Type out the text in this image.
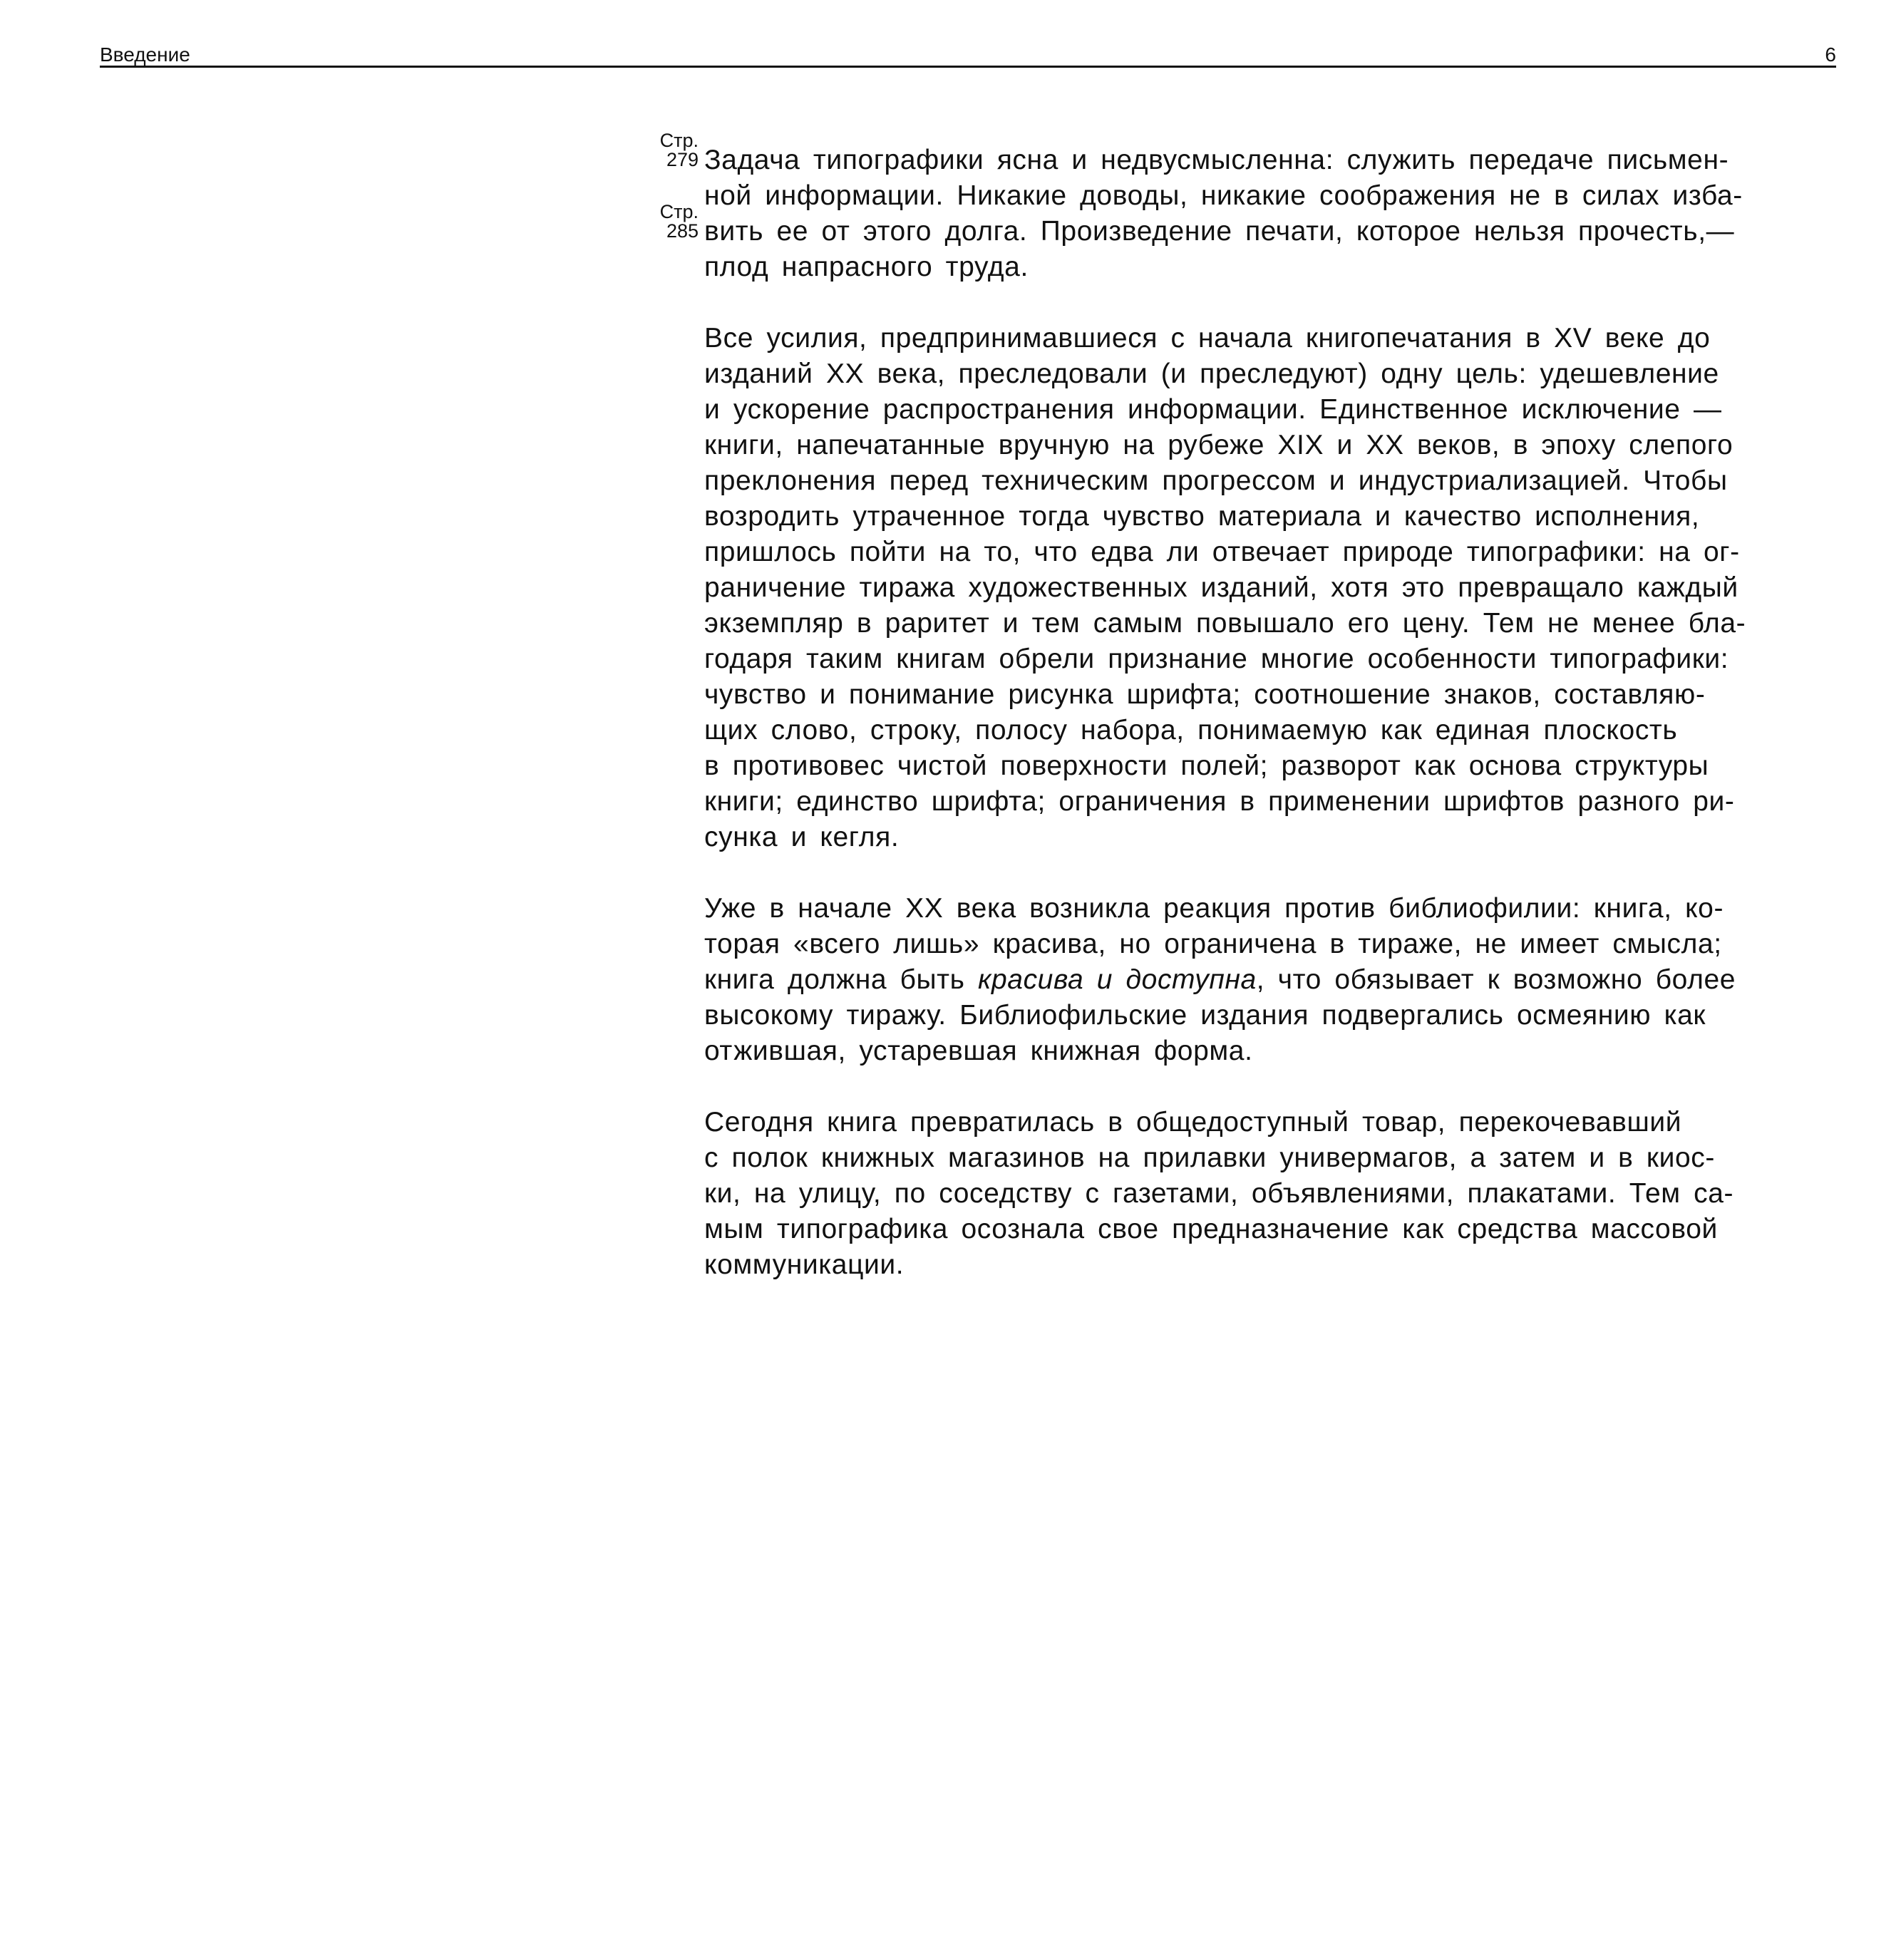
Введение	6
Стр.
279
Стр.
285
Задача типографики ясна и недвусмысленна: служить передаче письмен-
ной информации. Никакие доводы, никакие соображения не в силах изба-
вить ее от этого долга. Произведение печати, которое нельзя прочесть,—
плод напрасного труда.
Все усилия, предпринимавшиеся с начала книгопечатания в XV веке до
изданий XX века, преследовали (и преследуют) одну цель: удешевление
и ускорение распространения информации. Единственное исключение —
книги, напечатанные вручную на рубеже XIX и XX веков, в эпоху слепого
преклонения перед техническим прогрессом и индустриализацией. Чтобы
возродить утраченное тогда чувство материала и качество исполнения,
пришлось пойти на то, что едва ли отвечает природе типографики: на ог-
раничение тиража художественных изданий, хотя это превращало каждый
экземпляр в раритет и тем самым повышало его цену. Тем не менее бла-
годаря таким книгам обрели признание многие особенности типографики:
чувство и понимание рисунка шрифта; соотношение знаков, составляю-
щих слово, строку, полосу набора, понимаемую как единая плоскость
в противовес чистой поверхности полей; разворот как основа структуры
книги; единство шрифта; ограничения в применении шрифтов разного ри-
сунка и кегля.
Уже в начале XX века возникла реакция против библиофилии: книга, ко-
торая «всего лишь» красива, но ограничена в тираже, не имеет смысла;
книга должна быть красива и доступна, что обязывает к возможно более
высокому тиражу. Библиофильские издания подвергались осмеянию как
отжившая, устаревшая книжная форма.
Сегодня книга превратилась в общедоступный товар, перекочевавший
с полок книжных магазинов на прилавки универмагов, а затем и в киос-
ки, на улицу, по соседству с газетами, объявлениями, плакатами. Тем са-
мым типографика осознала свое предназначение как средства массовой
коммуникации.
